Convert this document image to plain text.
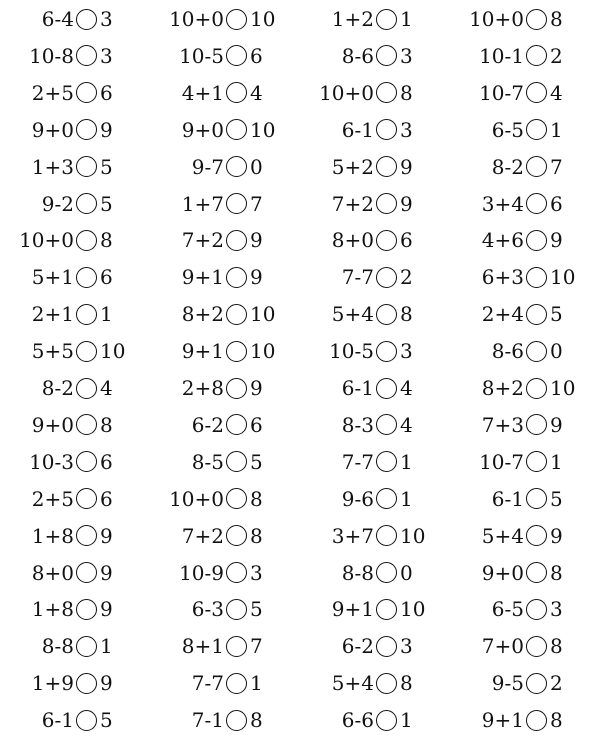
6-4 3	10+0 10	1+2 1	10+0 8
10-8 3	10-5 6	8-6 3	10-1 2
2+5 6	4+1 4	10+0 8	10-7 4
9+0 9	9+0 10	6-1 3	6-5 1
1+3 5	9-7 0	5+2 9	8-2 7
9-2 5	1+7 7	7+2 9	3+4 6
10+0 8	7+2 9	8+0 6	4+6 9
5+1 6	9+1 9	7-7 2	6+3 10
2+1 1	8+2 10	5+4 8	2+4 5
5+5 10	9+1 10	10-5 3	8-6 0
8-2 4	2+8 9	6-1 4	8+2 10
9+0 8	6-2 6	8-3 4	7+3 9
10-3 6	8-5 5	7-7 1	10-7 1
2+5 6	10+0 8	9-6 1	6-1 5
1+8 9	7+2 8	3+7 10	5+4 9
8+0 9	10-9 3	8-8 0	9+0 8
1+8 9	6-3 5	9+1 10	6-5 3
8-8 1	8+1 7	6-2 3	7+0 8
1+9 9	7-7 1	5+4 8	9-5 2
6-1 5	7-1 8	6-6 1	9+1 8
